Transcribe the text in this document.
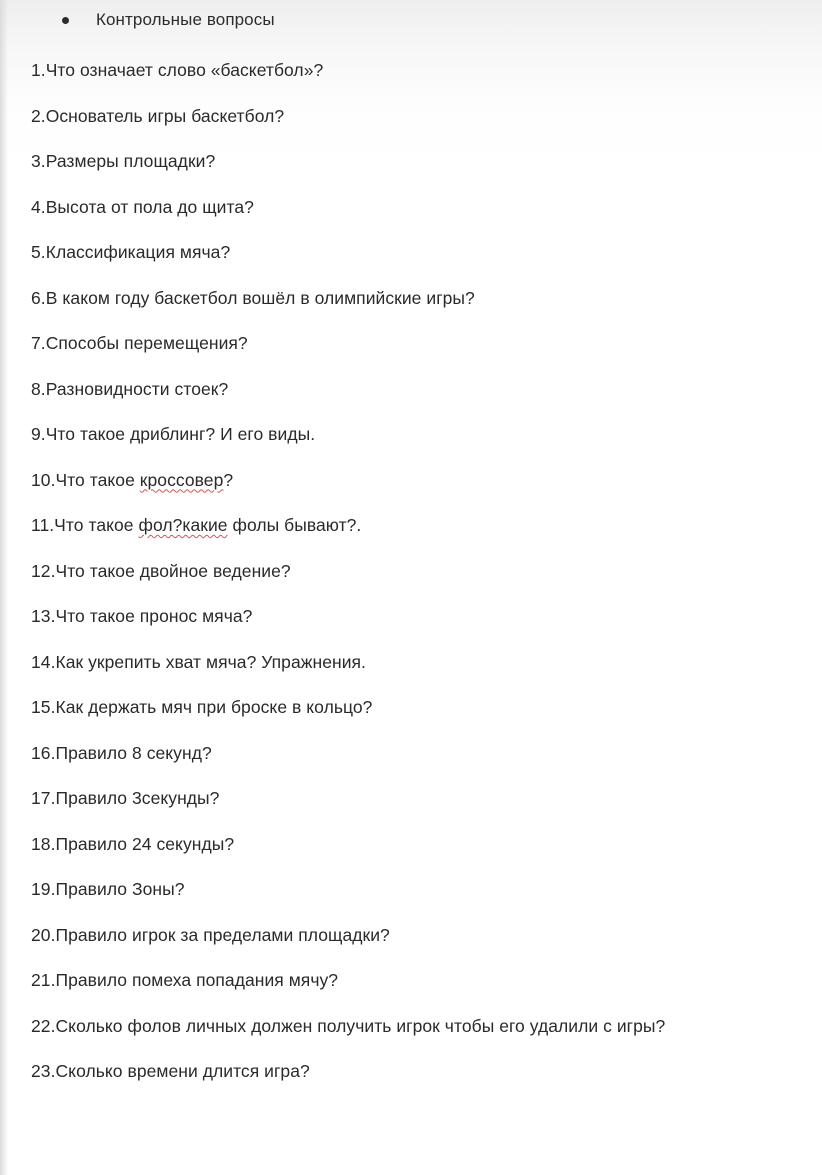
Контрольные вопросы
1.Что означает слово «баскетбол»?
2.Основатель игры баскетбол?
3.Размеры площадки?
4.Высота от пола до щита?
5.Классификация мяча?
6.В каком году баскетбол вошёл в олимпийские игры?
7.Способы перемещения?
8.Разновидности стоек?
9.Что такое дриблинг? И его виды.
10.Что такое кроссовер?
11.Что такое фол?какие фолы бывают?.
12.Что такое двойное ведение?
13.Что такое пронос мяча?
14.Как укрепить хват мяча? Упражнения.
15.Как держать мяч при броске в кольцо?
16.Правило 8 секунд?
17.Правило 3секунды?
18.Правило 24 секунды?
19.Правило Зоны?
20.Правило игрок за пределами площадки?
21.Правило помеха попадания мячу?
22.Сколько фолов личных должен получить игрок чтобы его удалили с игры?
23.Сколько времени длится игра?
